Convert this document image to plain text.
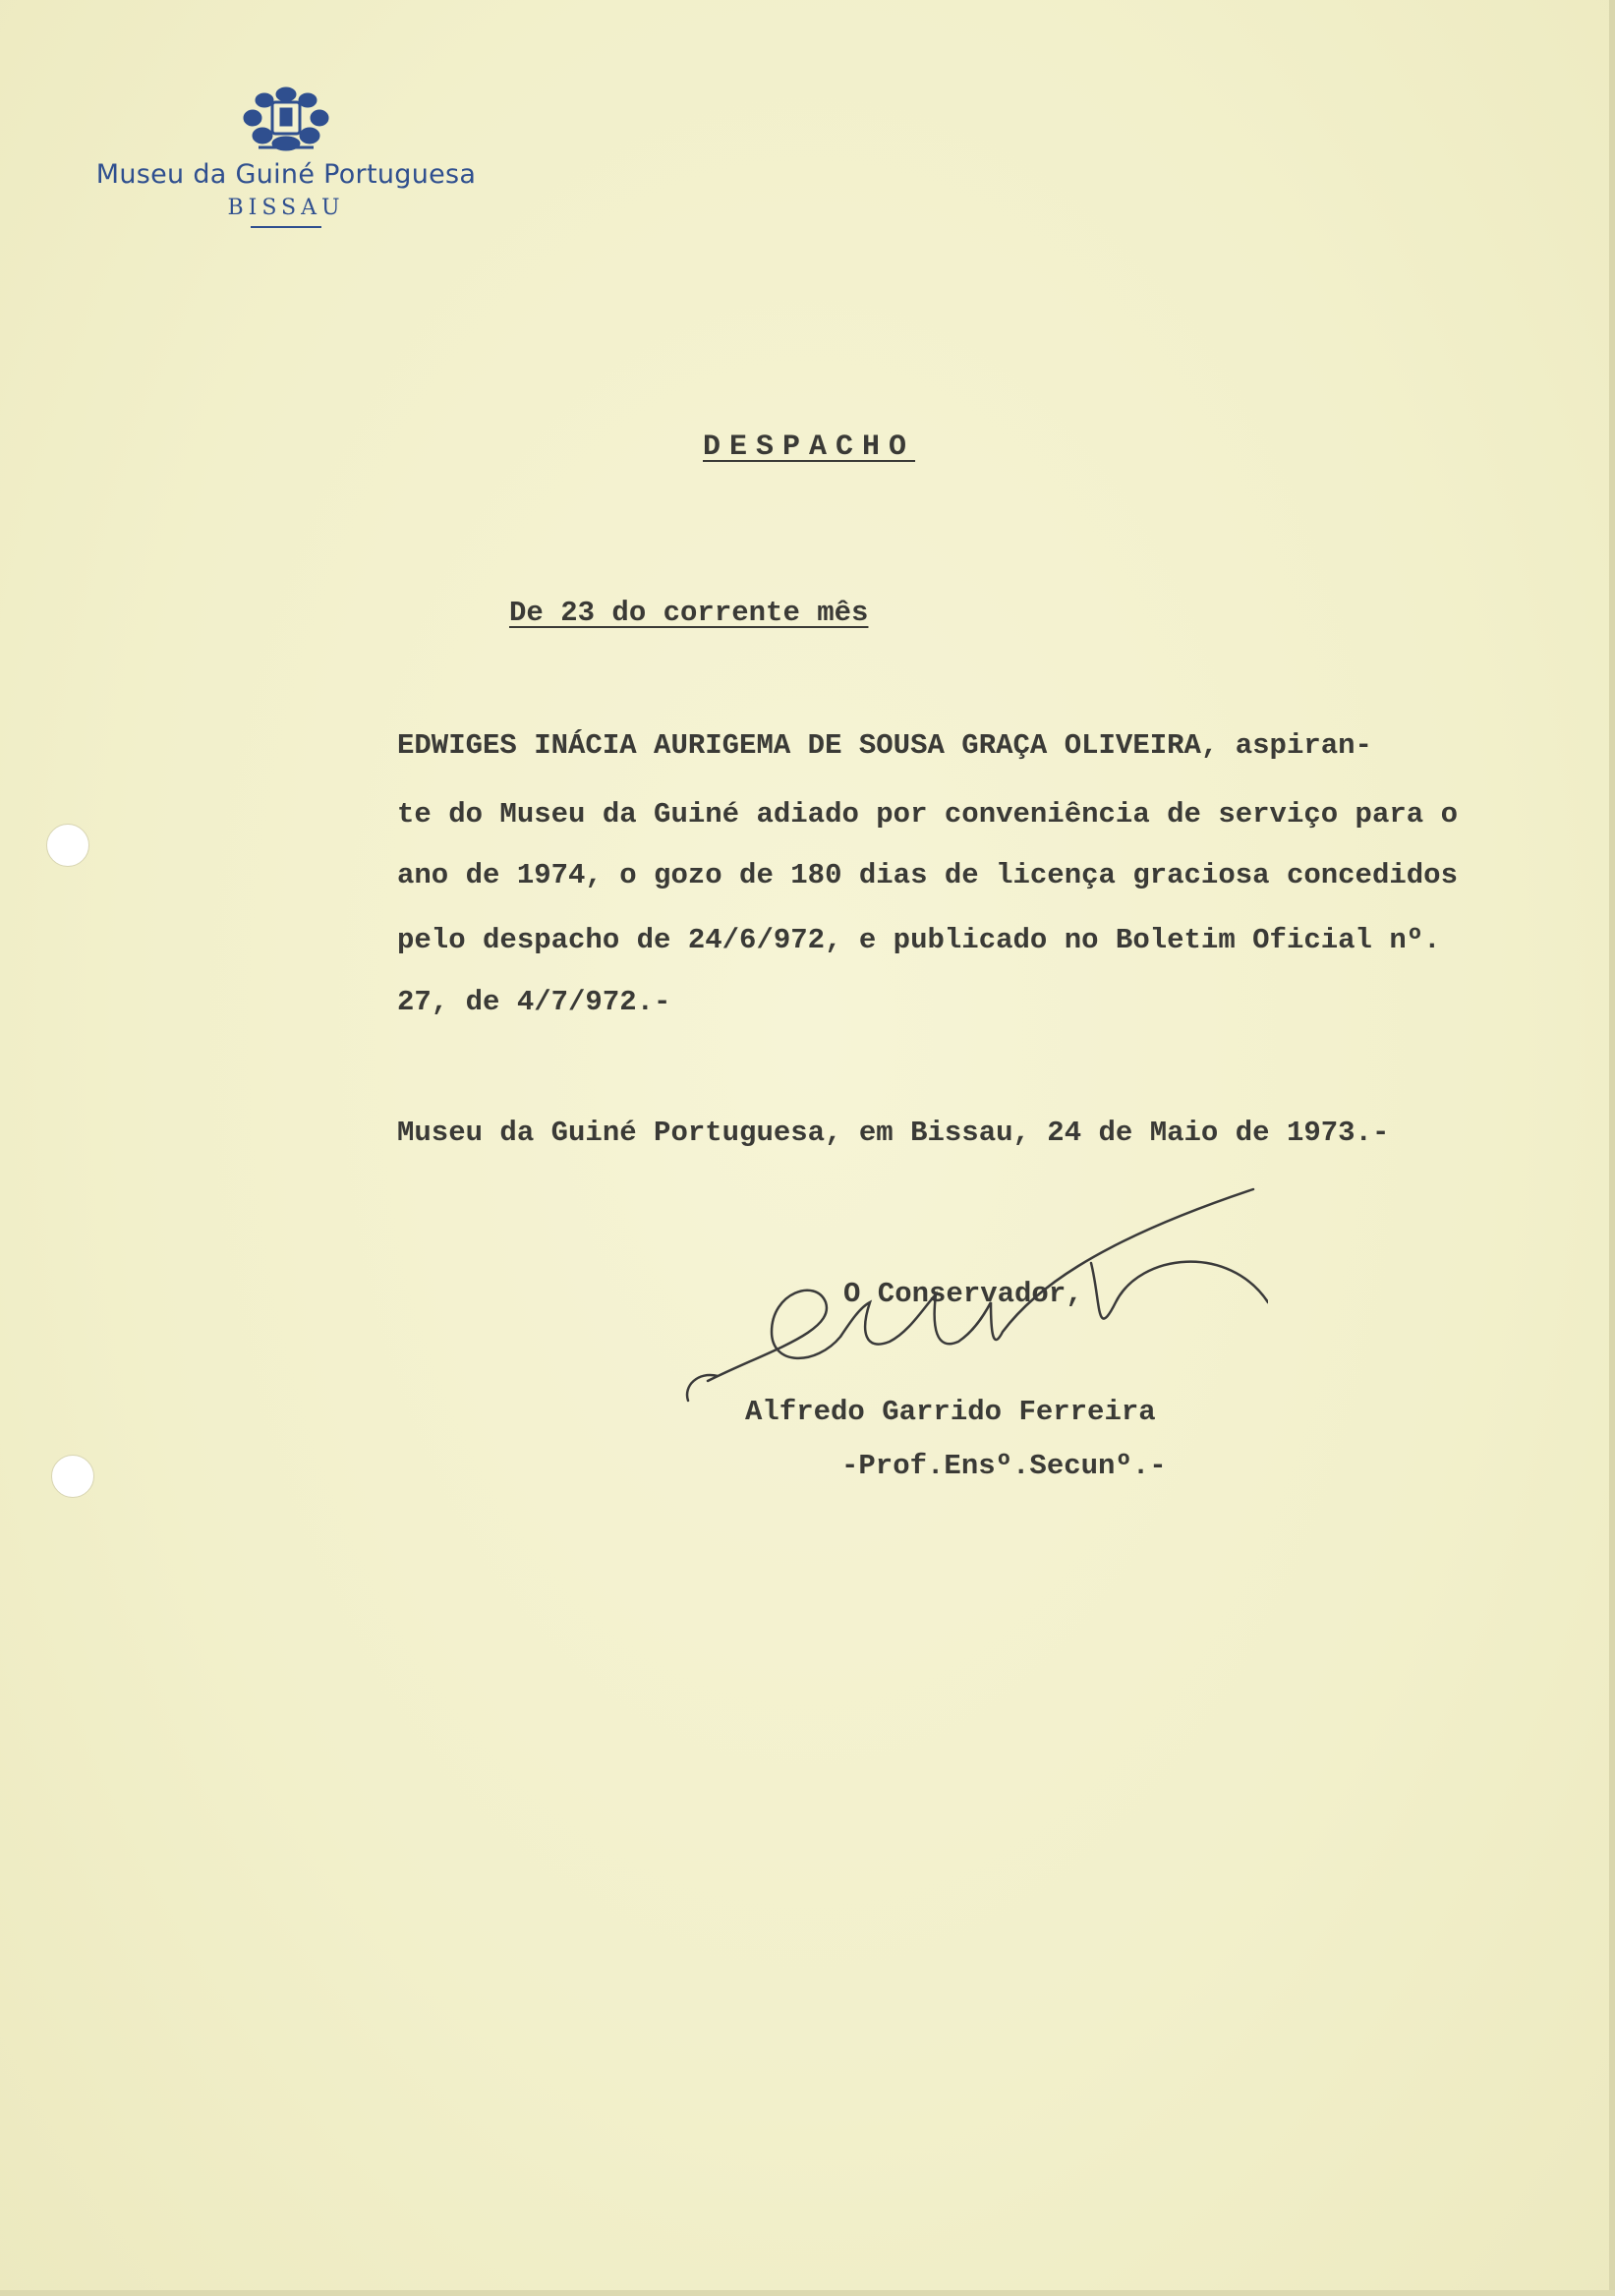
Museu da Guiné Portuguesa
BISSAU
DESPACHO
De 23 do corrente mês
EDWIGES INÁCIA AURIGEMA DE SOUSA GRAÇA OLIVEIRA, aspiran-
te do Museu da Guiné adiado por conveniência de serviço para o
ano de 1974, o gozo de 180 dias de licença graciosa concedidos
pelo despacho de 24/6/972, e publicado no Boletim Oficial nº.
27, de 4/7/972.-
Museu da Guiné Portuguesa, em Bissau, 24 de Maio de 1973.-
O Conservador,
Alfredo Garrido Ferreira
-Prof.Ensº.Secunº.-
